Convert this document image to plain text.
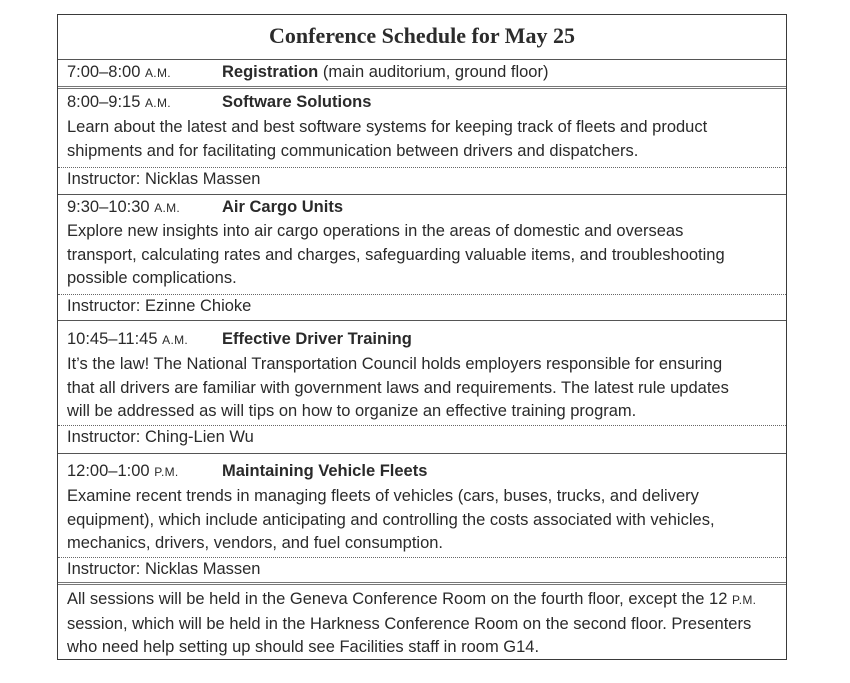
Conference Schedule for May 25
7:00–8:00 A.M.	Registration (main auditorium, ground floor)
8:00–9:15 A.M.	Software Solutions
Learn about the latest and best software systems for keeping track of fleets and product
shipments and for facilitating communication between drivers and dispatchers.
Instructor: Nicklas Massen
9:30–10:30 A.M.	Air Cargo Units
Explore new insights into air cargo operations in the areas of domestic and overseas
transport, calculating rates and charges, safeguarding valuable items, and troubleshooting
possible complications.
Instructor: Ezinne Chioke
10:45–11:45 A.M. Effective Driver Training
It’s the law! The National Transportation Council holds employers responsible for ensuring
that all drivers are familiar with government laws and requirements. The latest rule updates
will be addressed as will tips on how to organize an effective training program.
Instructor: Ching-Lien Wu
12:00–1:00 P.M.	Maintaining Vehicle Fleets
Examine recent trends in managing fleets of vehicles (cars, buses, trucks, and delivery
equipment), which include anticipating and controlling the costs associated with vehicles,
mechanics, drivers, vendors, and fuel consumption.
Instructor: Nicklas Massen
All sessions will be held in the Geneva Conference Room on the fourth floor, except the 12 P.M.
session, which will be held in the Harkness Conference Room on the second floor. Presenters
who need help setting up should see Facilities staff in room G14.
